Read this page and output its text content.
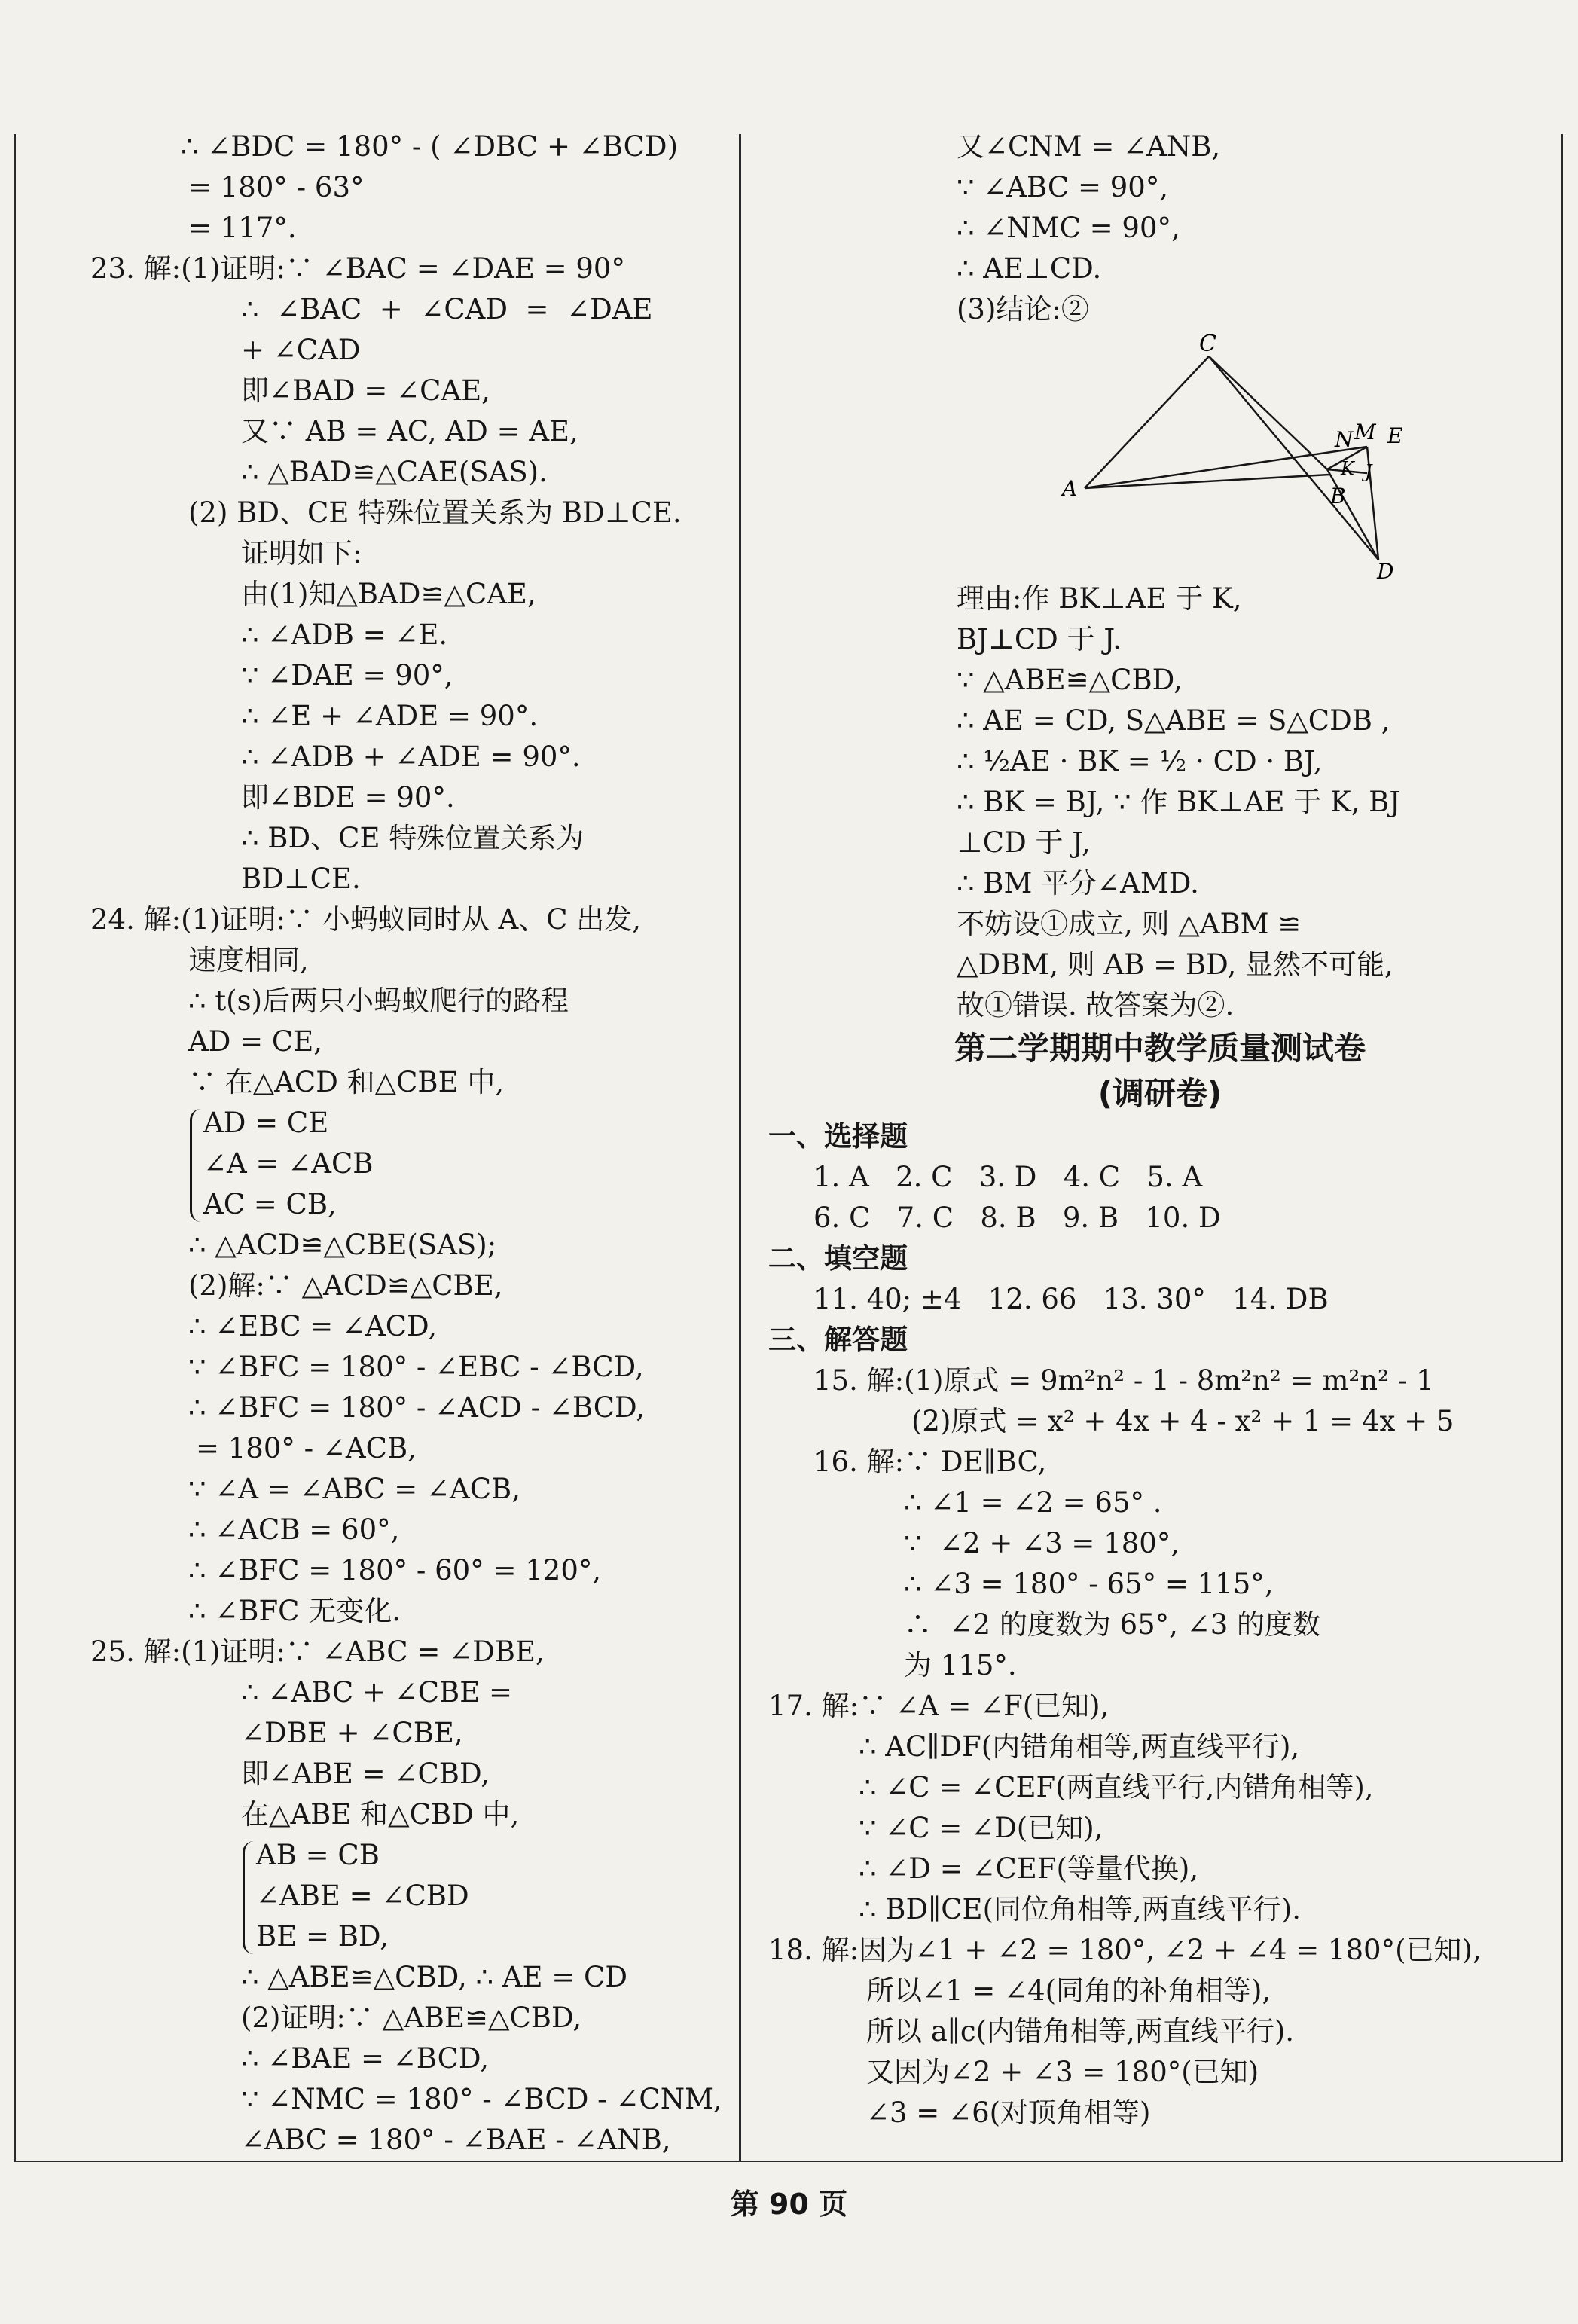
∴ ∠BDC = 180° - ( ∠DBC + ∠BCD)
= 180° - 63°
= 117°.
23. 解:(1)证明:∵ ∠BAC = ∠DAE = 90°
∴  ∠BAC  +  ∠CAD  =  ∠DAE
+ ∠CAD
即∠BAD = ∠CAE,
又∵ AB = AC, AD = AE,
∴ △BAD≌△CAE(SAS).
(2) BD、CE 特殊位置关系为 BD⊥CE.
证明如下:
由(1)知△BAD≌△CAE,
∴ ∠ADB = ∠E.
∵ ∠DAE = 90°,
∴ ∠E + ∠ADE = 90°.
∴ ∠ADB + ∠ADE = 90°.
即∠BDE = 90°.
∴ BD、CE 特殊位置关系为
BD⊥CE.
24. 解:(1)证明:∵ 小蚂蚁同时从 A、C 出发,
速度相同,
∴ t(s)后两只小蚂蚁爬行的路程
AD = CE,
∵ 在△ACD 和△CBE 中,
AD = CE
∠A = ∠ACB
AC = CB,
∴ △ACD≌△CBE(SAS);
(2)解:∵ △ACD≌△CBE,
∴ ∠EBC = ∠ACD,
∵ ∠BFC = 180° - ∠EBC - ∠BCD,
∴ ∠BFC = 180° - ∠ACD - ∠BCD,
= 180° - ∠ACB,
∵ ∠A = ∠ABC = ∠ACB,
∴ ∠ACB = 60°,
∴ ∠BFC = 180° - 60° = 120°,
∴ ∠BFC 无变化.
25. 解:(1)证明:∵ ∠ABC = ∠DBE,
∴ ∠ABC + ∠CBE =
∠DBE + ∠CBE,
即∠ABE = ∠CBD,
在△ABE 和△CBD 中,
AB = CB
∠ABE = ∠CBD
BE = BD,
∴ △ABE≌△CBD, ∴ AE = CD
(2)证明:∵ △ABE≌△CBD,
∴ ∠BAE = ∠BCD,
∵ ∠NMC = 180° - ∠BCD - ∠CNM,
∠ABC = 180° - ∠BAE - ∠ANB,
又∠CNM = ∠ANB,
∵ ∠ABC = 90°,
∴ ∠NMC = 90°,
∴ AE⊥CD.
(3)结论:②
C
N M E
A
K J
B
D
理由:作 BK⊥AE 于 K,
BJ⊥CD 于 J.
∵ △ABE≌△CBD,
∴ AE = CD, S△ABE = S△CDB ,
∴ ½AE · BK = ½ · CD · BJ,
∴ BK = BJ, ∵ 作 BK⊥AE 于 K, BJ
⊥CD 于 J,
∴ BM 平分∠AMD.
不妨设①成立, 则 △ABM ≌
△DBM, 则 AB = BD, 显然不可能,
故①错误. 故答案为②.
第二学期期中教学质量测试卷
(调研卷)
一、选择题
1. A   2. C   3. D   4. C   5. A
6. C   7. C   8. B   9. B   10. D
二、填空题
11. 40; ±4   12. 66   13. 30°   14. DB
三、解答题
15. 解:(1)原式 = 9m²n² - 1 - 8m²n² = m²n² - 1
(2)原式 = x² + 4x + 4 - x² + 1 = 4x + 5
16. 解:∵ DE∥BC,
∴ ∠1 = ∠2 = 65° .
∵  ∠2 + ∠3 = 180°,
∴ ∠3 = 180° - 65° = 115°,
∴  ∠2 的度数为 65°, ∠3 的度数
为 115°.
17. 解:∵ ∠A = ∠F(已知),
∴ AC∥DF(内错角相等,两直线平行),
∴ ∠C = ∠CEF(两直线平行,内错角相等),
∵ ∠C = ∠D(已知),
∴ ∠D = ∠CEF(等量代换),
∴ BD∥CE(同位角相等,两直线平行).
18. 解:因为∠1 + ∠2 = 180°, ∠2 + ∠4 = 180°(已知),
所以∠1 = ∠4(同角的补角相等),
所以 a∥c(内错角相等,两直线平行).
又因为∠2 + ∠3 = 180°(已知)
∠3 = ∠6(对顶角相等)
第 90 页
